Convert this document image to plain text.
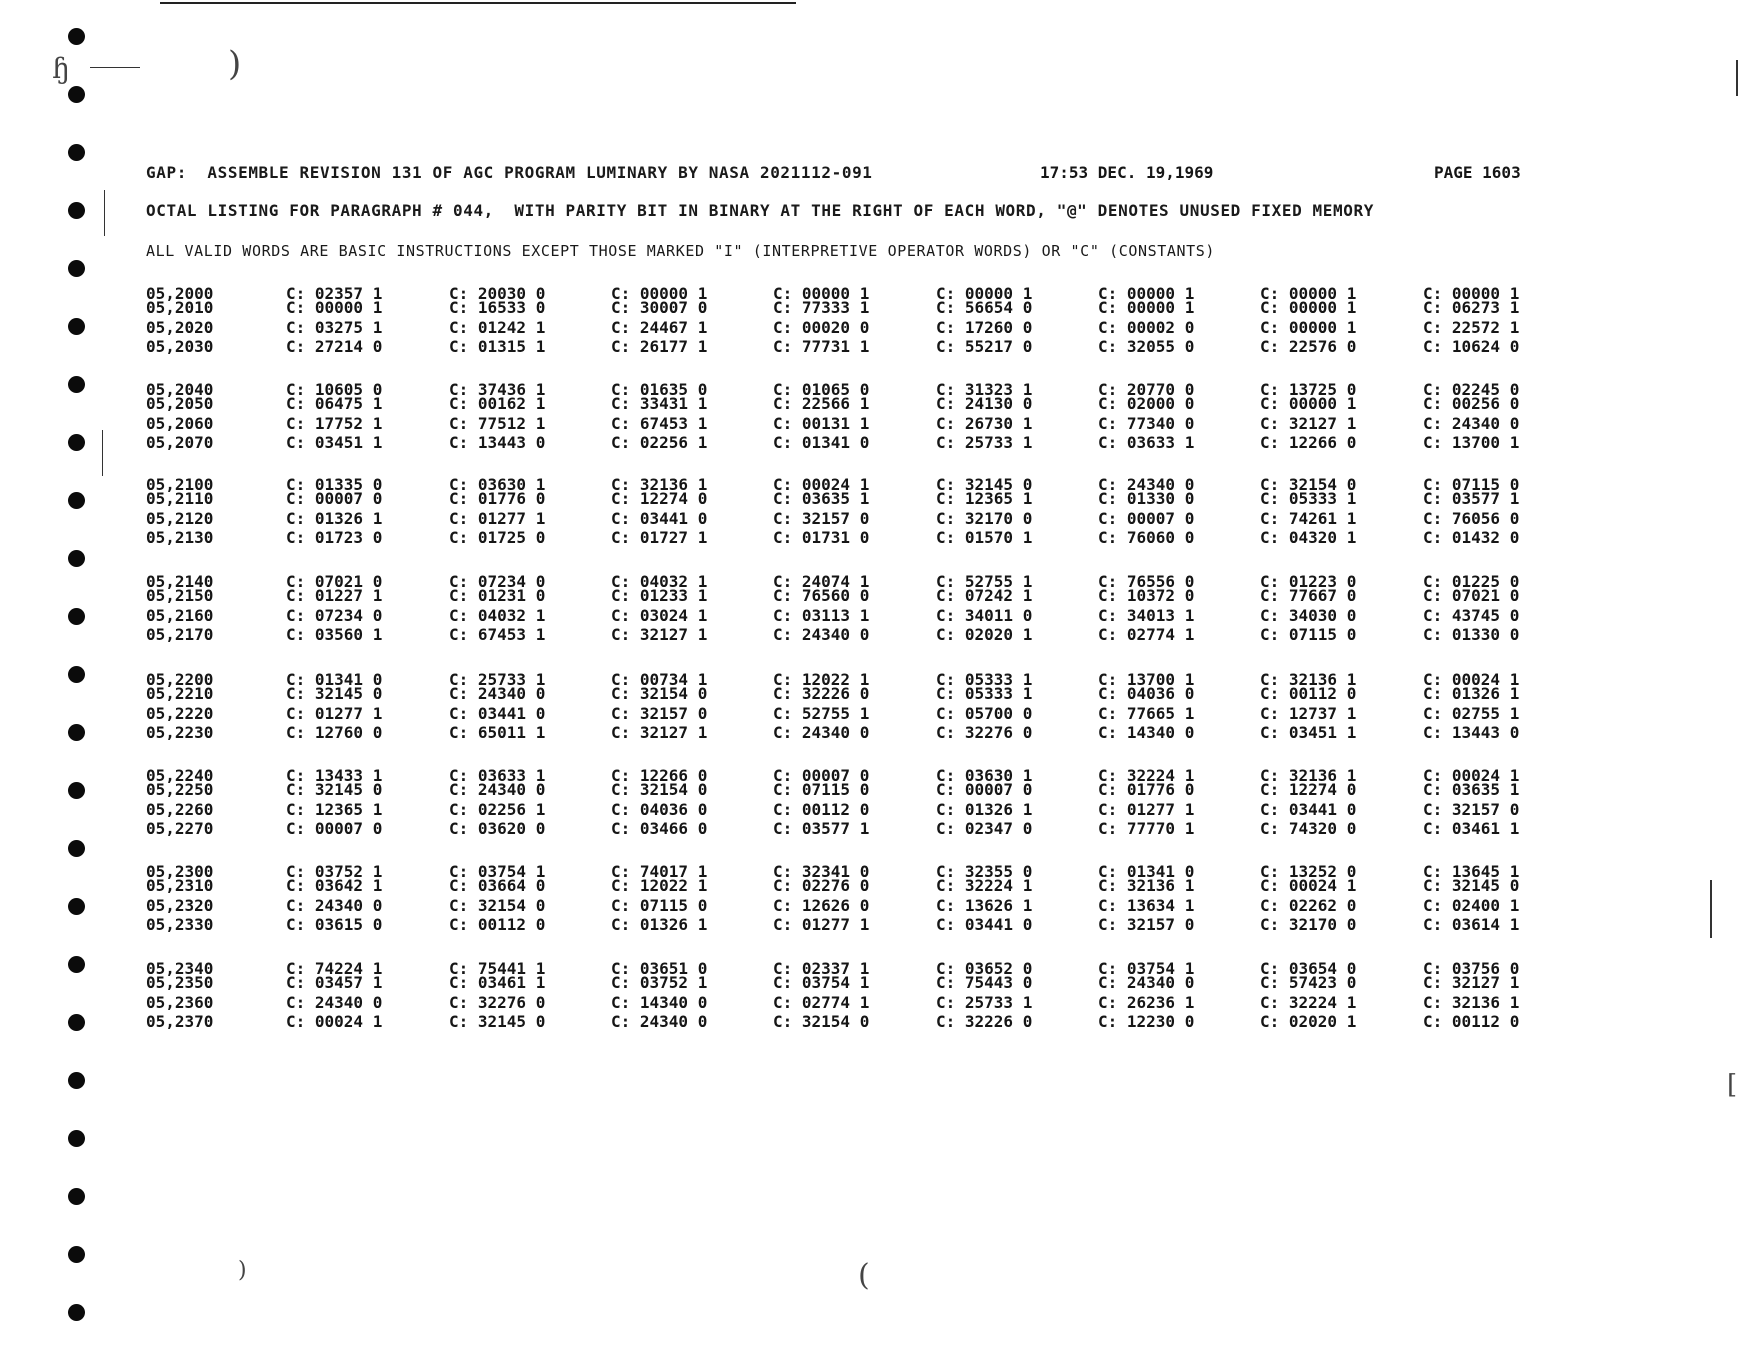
GAP:  ASSEMBLE REVISION 131 OF AGC PROGRAM LUMINARY BY NASA 2021112-091	17:53 DEC. 19,1969	PAGE 1603
OCTAL LISTING FOR PARAGRAPH # 044,  WITH PARITY BIT IN BINARY AT THE RIGHT OF EACH WORD, "@" DENOTES UNUSED FIXED MEMORY
ALL VALID WORDS ARE BASIC INSTRUCTIONS EXCEPT THOSE MARKED "I" (INTERPRETIVE OPERATOR WORDS) OR "C" (CONSTANTS)
05,2000	C: 02357 1	C: 20030 0	C: 00000 1	C: 00000 1	C: 00000 1	C: 00000 1	C: 00000 1	C: 00000 1
05,2010	C: 00000 1	C: 16533 0	C: 30007 0	C: 77333 1	C: 56654 0	C: 00000 1	C: 00000 1	C: 06273 1
05,2020	C: 03275 1	C: 01242 1	C: 24467 1	C: 00020 0	C: 17260 0	C: 00002 0	C: 00000 1	C: 22572 1
05,2030	C: 27214 0	C: 01315 1	C: 26177 1	C: 77731 1	C: 55217 0	C: 32055 0	C: 22576 0	C: 10624 0
05,2040	C: 10605 0	C: 37436 1	C: 01635 0	C: 01065 0	C: 31323 1	C: 20770 0	C: 13725 0	C: 02245 0
05,2050	C: 06475 1	C: 00162 1	C: 33431 1	C: 22566 1	C: 24130 0	C: 02000 0	C: 00000 1	C: 00256 0
05,2060	C: 17752 1	C: 77512 1	C: 67453 1	C: 00131 1	C: 26730 1	C: 77340 0	C: 32127 1	C: 24340 0
05,2070	C: 03451 1	C: 13443 0	C: 02256 1	C: 01341 0	C: 25733 1	C: 03633 1	C: 12266 0	C: 13700 1
05,2100	C: 01335 0	C: 03630 1	C: 32136 1	C: 00024 1	C: 32145 0	C: 24340 0	C: 32154 0	C: 07115 0
05,2110	C: 00007 0	C: 01776 0	C: 12274 0	C: 03635 1	C: 12365 1	C: 01330 0	C: 05333 1	C: 03577 1
05,2120	C: 01326 1	C: 01277 1	C: 03441 0	C: 32157 0	C: 32170 0	C: 00007 0	C: 74261 1	C: 76056 0
05,2130	C: 01723 0	C: 01725 0	C: 01727 1	C: 01731 0	C: 01570 1	C: 76060 0	C: 04320 1	C: 01432 0
05,2140	C: 07021 0	C: 07234 0	C: 04032 1	C: 24074 1	C: 52755 1	C: 76556 0	C: 01223 0	C: 01225 0
05,2150	C: 01227 1	C: 01231 0	C: 01233 1	C: 76560 0	C: 07242 1	C: 10372 0	C: 77667 0	C: 07021 0
05,2160	C: 07234 0	C: 04032 1	C: 03024 1	C: 03113 1	C: 34011 0	C: 34013 1	C: 34030 0	C: 43745 0
05,2170	C: 03560 1	C: 67453 1	C: 32127 1	C: 24340 0	C: 02020 1	C: 02774 1	C: 07115 0	C: 01330 0
05,2200	C: 01341 0	C: 25733 1	C: 00734 1	C: 12022 1	C: 05333 1	C: 13700 1	C: 32136 1	C: 00024 1
05,2210	C: 32145 0	C: 24340 0	C: 32154 0	C: 32226 0	C: 05333 1	C: 04036 0	C: 00112 0	C: 01326 1
05,2220	C: 01277 1	C: 03441 0	C: 32157 0	C: 52755 1	C: 05700 0	C: 77665 1	C: 12737 1	C: 02755 1
05,2230	C: 12760 0	C: 65011 1	C: 32127 1	C: 24340 0	C: 32276 0	C: 14340 0	C: 03451 1	C: 13443 0
05,2240	C: 13433 1	C: 03633 1	C: 12266 0	C: 00007 0	C: 03630 1	C: 32224 1	C: 32136 1	C: 00024 1
05,2250	C: 32145 0	C: 24340 0	C: 32154 0	C: 07115 0	C: 00007 0	C: 01776 0	C: 12274 0	C: 03635 1
05,2260	C: 12365 1	C: 02256 1	C: 04036 0	C: 00112 0	C: 01326 1	C: 01277 1	C: 03441 0	C: 32157 0
05,2270	C: 00007 0	C: 03620 0	C: 03466 0	C: 03577 1	C: 02347 0	C: 77770 1	C: 74320 0	C: 03461 1
05,2300	C: 03752 1	C: 03754 1	C: 74017 1	C: 32341 0	C: 32355 0	C: 01341 0	C: 13252 0	C: 13645 1
05,2310	C: 03642 1	C: 03664 0	C: 12022 1	C: 02276 0	C: 32224 1	C: 32136 1	C: 00024 1	C: 32145 0
05,2320	C: 24340 0	C: 32154 0	C: 07115 0	C: 12626 0	C: 13626 1	C: 13634 1	C: 02262 0	C: 02400 1
05,2330	C: 03615 0	C: 00112 0	C: 01326 1	C: 01277 1	C: 03441 0	C: 32157 0	C: 32170 0	C: 03614 1
05,2340	C: 74224 1	C: 75441 1	C: 03651 0	C: 02337 1	C: 03652 0	C: 03754 1	C: 03654 0	C: 03756 0
05,2350	C: 03457 1	C: 03461 1	C: 03752 1	C: 03754 1	C: 75443 0	C: 24340 0	C: 57423 0	C: 32127 1
05,2360	C: 24340 0	C: 32276 0	C: 14340 0	C: 02774 1	C: 25733 1	C: 26236 1	C: 32224 1	C: 32136 1
05,2370	C: 00024 1	C: 32145 0	C: 24340 0	C: 32154 0	C: 32226 0	C: 12230 0	C: 02020 1	C: 00112 0
ɧ	)
)	(
[
